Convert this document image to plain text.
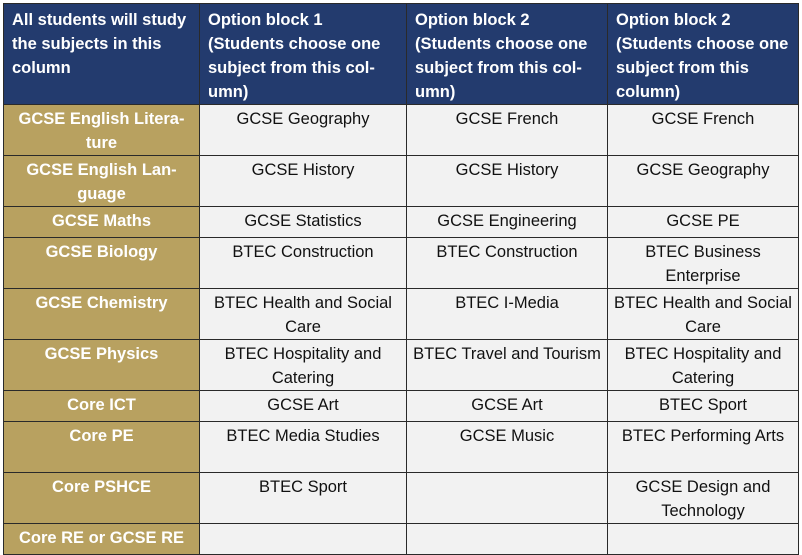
All students will study the subjects in this column	Option block 1 (Students choose one subject from this col-umn)	Option block 2 (Students choose one subject from this col-umn)	Option block 2 (Students choose one subject from this column)
GCSE English Litera-ture	GCSE Geography	GCSE French	GCSE French
GCSE English Lan-guage	GCSE History	GCSE History	GCSE Geography
GCSE Maths	GCSE Statistics	GCSE Engineering	GCSE PE
GCSE Biology	BTEC Construction	BTEC Construction	BTEC Business Enterprise
GCSE Chemistry	BTEC Health and Social Care	BTEC I-Media	BTEC Health and Social Care
GCSE Physics	BTEC Hospitality and Catering	BTEC Travel and Tourism	BTEC Hospitality and Catering
Core ICT	GCSE Art	GCSE Art	BTEC Sport
Core PE	BTEC Media Studies	GCSE Music	BTEC Performing Arts
Core PSHCE	BTEC Sport		GCSE Design and Technology
Core RE or GCSE RE			
